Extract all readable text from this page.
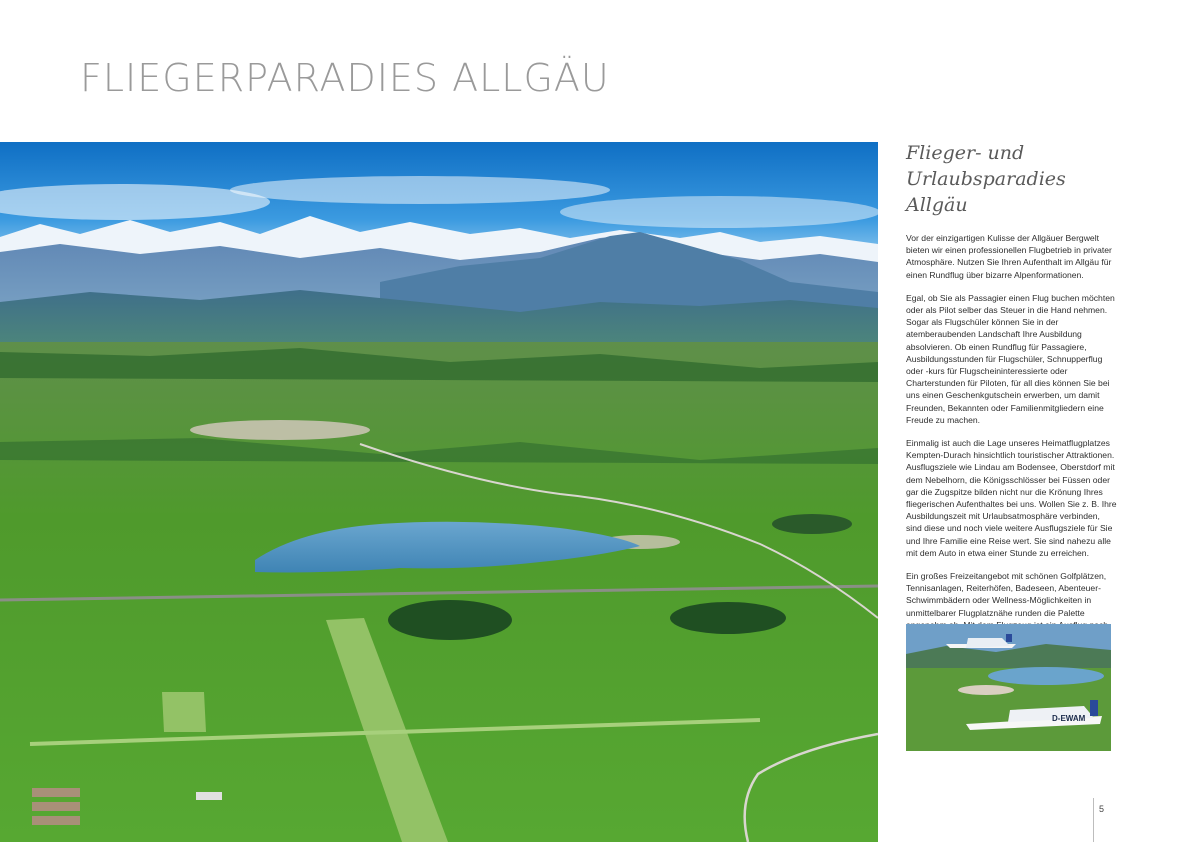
FLIEGERPARADIES ALLGÄU
Flieger- und
Urlaubsparadies Allgäu

Vor der einzigartigen Kulisse der Allgäuer Bergwelt bieten wir einen professionellen Flugbetrieb in privater Atmosphäre. Nutzen Sie Ihren Aufenthalt im Allgäu für einen Rundflug über bizarre Alpenformationen.

Egal, ob Sie als Passagier einen Flug buchen möchten oder als Pilot selber das Steuer in die Hand nehmen. Sogar als Flugschüler können Sie in der atemberaubenden Landschaft Ihre Ausbildung absolvieren. Ob einen Rundflug für Passagiere, Ausbildungsstunden für Flugschüler, Schnupperflug oder -kurs für Flugscheininteressierte oder Charterstunden für Piloten, für all dies können Sie bei uns einen Geschenkgutschein erwerben, um damit Freunden, Bekannten oder Familienmitgliedern eine Freude zu machen.

Einmalig ist auch die Lage unseres Heimatflugplatzes Kempten-Durach hinsichtlich touristischer Attraktionen. Ausflugsziele wie Lindau am Bodensee, Oberstdorf mit dem Nebelhorn, die Königsschlösser bei Füssen oder gar die Zugspitze bilden nicht nur die Krönung Ihres fliegerischen Aufenthaltes bei uns. Wollen Sie z. B. Ihre Ausbildungszeit mit Urlaubsatmosphäre verbinden, sind diese und noch viele weitere Ausflugsziele für Sie und Ihre Familie eine Reise wert. Sie sind nahezu alle mit dem Auto in etwa einer Stunde zu erreichen.

Ein großes Freizeitangebot mit schönen Golfplätzen, Tennisanlagen, Reiterhöfen, Badeseen, Abenteuer-Schwimmbädern oder Wellness-Möglichkeiten in unmittelbarer Flugplatznähe runden die Palette

D-EWAM
5
